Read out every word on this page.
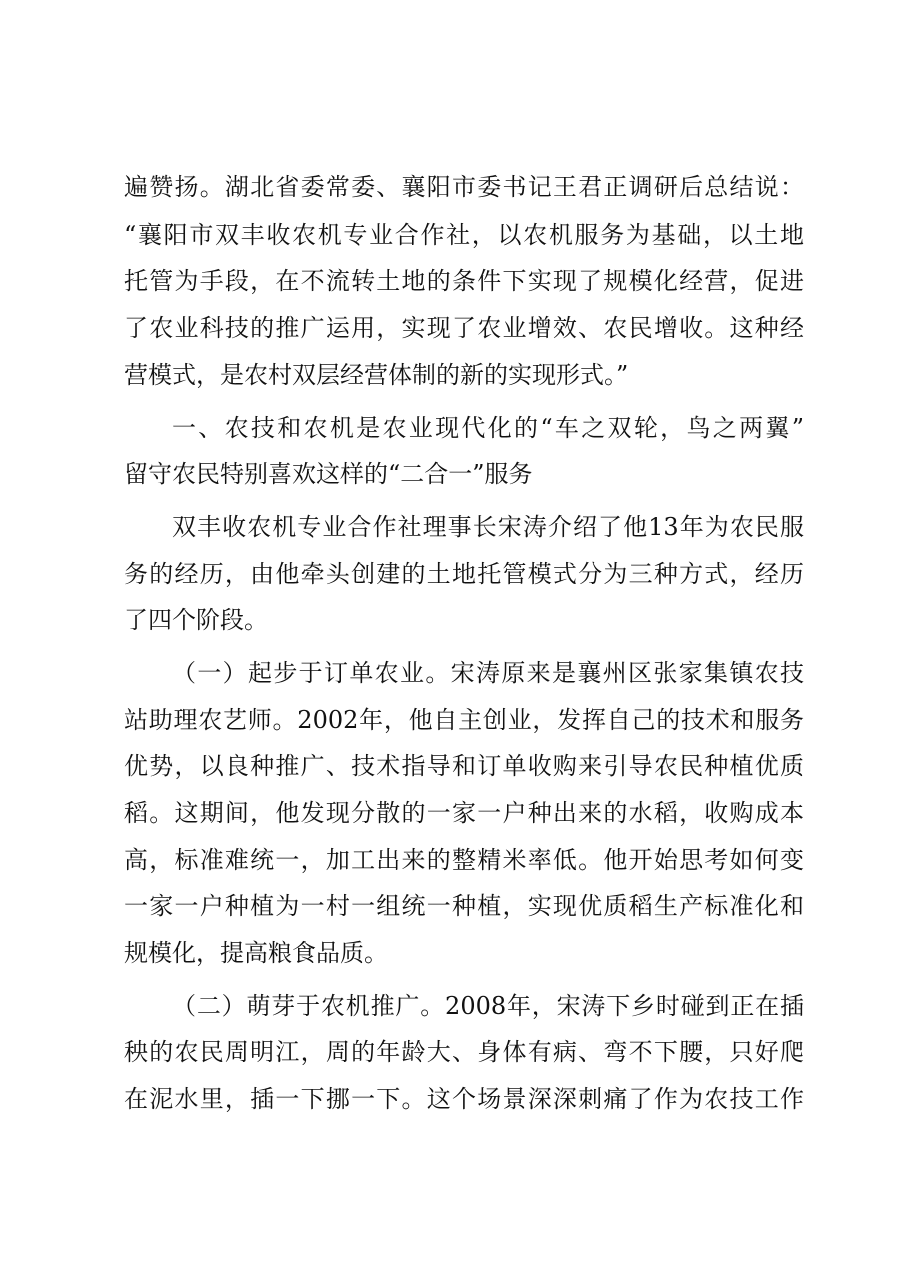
遍赞扬。湖北省委常委、襄阳市委书记王君正调研后总结说：

“襄阳市双丰收农机专业合作社，以农机服务为基础，以土地

托管为手段，在不流转土地的条件下实现了规模化经营，促进

了农业科技的推广运用，实现了农业增效、农民增收。这种经

营模式，是农村双层经营体制的新的实现形式。”

一、农技和农机是农业现代化的“车之双轮，鸟之两翼”

留守农民特别喜欢这样的“二合一”服务

双丰收农机专业合作社理事长宋涛介绍了他13年为农民服

务的经历，由他牵头创建的土地托管模式分为三种方式，经历

了四个阶段。

（一）起步于订单农业。宋涛原来是襄州区张家集镇农技

站助理农艺师。2002年，他自主创业，发挥自己的技术和服务

优势，以良种推广、技术指导和订单收购来引导农民种植优质

稻。这期间，他发现分散的一家一户种出来的水稻，收购成本

高，标准难统一，加工出来的整精米率低。他开始思考如何变

一家一户种植为一村一组统一种植，实现优质稻生产标准化和

规模化，提高粮食品质。

（二）萌芽于农机推广。2008年，宋涛下乡时碰到正在插

秧的农民周明江，周的年龄大、身体有病、弯不下腰，只好爬

在泥水里，插一下挪一下。这个场景深深刺痛了作为农技工作
